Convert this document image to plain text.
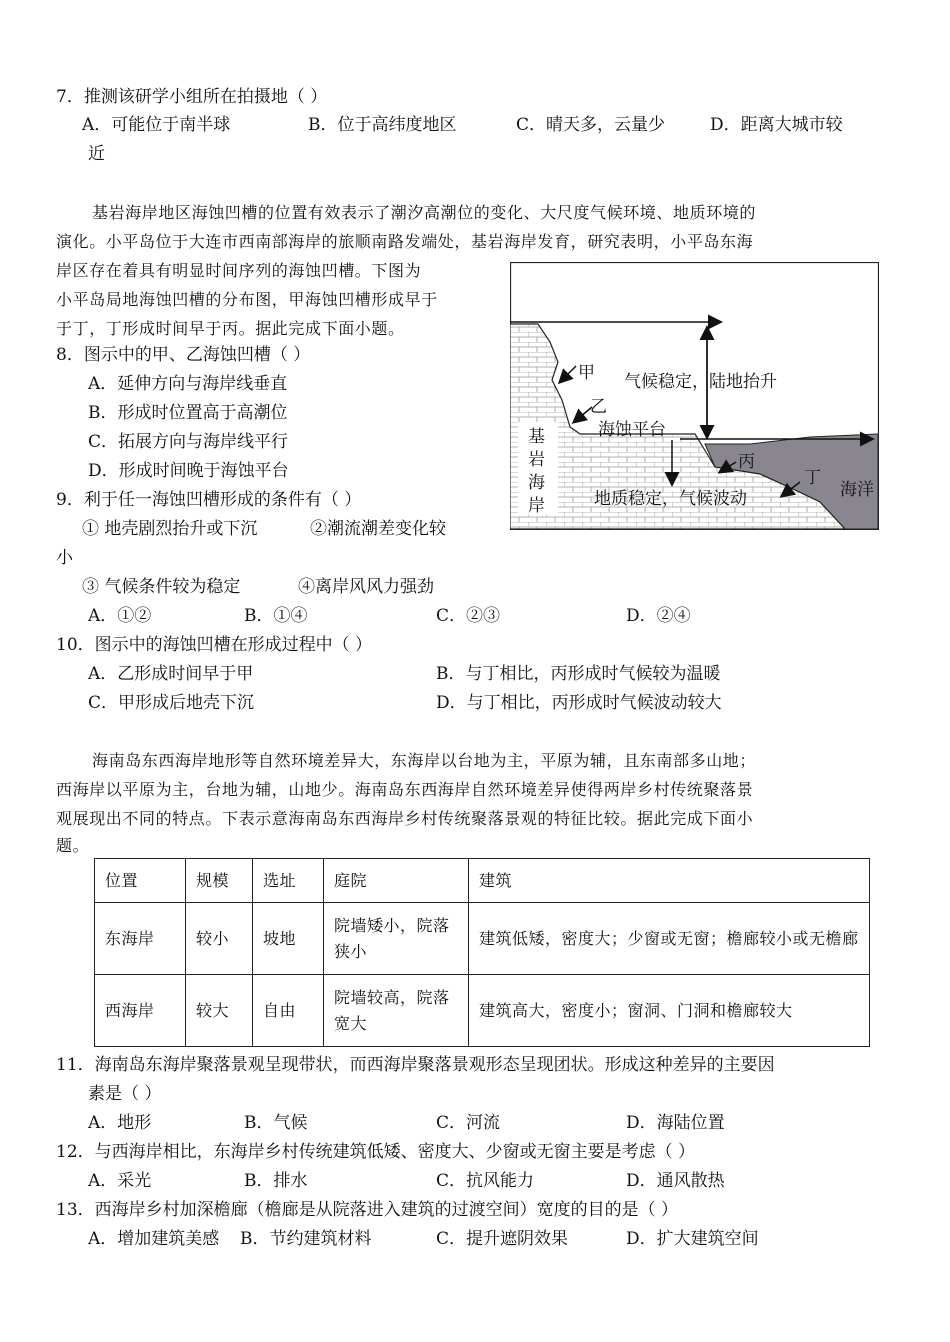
7．推测该研学小组所在拍摄地（ ）
A．可能位于南半球	B．位于高纬度地区	C．晴天多，云量少	D．距离大城市较
近
基岩海岸地区海蚀凹槽的位置有效表示了潮汐高潮位的变化、大尺度气候环境、地质环境的
演化。小平岛位于大连市西南部海岸的旅顺南路发端处，基岩海岸发育，研究表明，小平岛东海
岸区存在着具有明显时间序列的海蚀凹槽。下图为
小平岛局地海蚀凹槽的分布图，甲海蚀凹槽形成早于
于丁，丁形成时间早于丙。据此完成下面小题。
甲
乙
气候稳定，陆地抬升
海蚀平台
基
岩
海
岸
丙
丁
地质稳定，气候波动	海洋
8．图示中的甲、乙海蚀凹槽（ ）
A．延伸方向与海岸线垂直
B．形成时位置高于高潮位
C．拓展方向与海岸线平行
D．形成时间晚于海蚀平台
9．利于任一海蚀凹槽形成的条件有（ ）
① 地壳剧烈抬升或下沉	②潮流潮差变化较
小
③ 气候条件较为稳定	④离岸风风力强劲
A．①②	B．①④	C．②③	D．②④
10．图示中的海蚀凹槽在形成过程中（ ）
A．乙形成时间早于甲	B．与丁相比，丙形成时气候较为温暖
C．甲形成后地壳下沉	D．与丁相比，丙形成时气候波动较大
海南岛东西海岸地形等自然环境差异大，东海岸以台地为主，平原为辅，且东南部多山地；
西海岸以平原为主，台地为辅，山地少。海南岛东西海岸自然环境差异使得两岸乡村传统聚落景
观展现出不同的特点。下表示意海南岛东西海岸乡村传统聚落景观的特征比较。据此完成下面小
题。
位置	规模	选址	庭院	建筑
东海岸	较小	坡地	院墙矮小，院落狭小	建筑低矮，密度大；少窗或无窗；檐廊较小或无檐廊
西海岸	较大	自由	院墙较高，院落宽大	建筑高大，密度小；窗洞、门洞和檐廊较大
11．海南岛东海岸聚落景观呈现带状，而西海岸聚落景观形态呈现团状。形成这种差异的主要因
素是（ ）
A．地形	B．气候	C．河流	D．海陆位置
12．与西海岸相比，东海岸乡村传统建筑低矮、密度大、少窗或无窗主要是考虑（ ）
A．采光	B．排水	C．抗风能力	D．通风散热
13．西海岸乡村加深檐廊（檐廊是从院落进入建筑的过渡空间）宽度的目的是（ ）
A．增加建筑美感 B．节约建筑材料	C．提升遮阴效果	D．扩大建筑空间
